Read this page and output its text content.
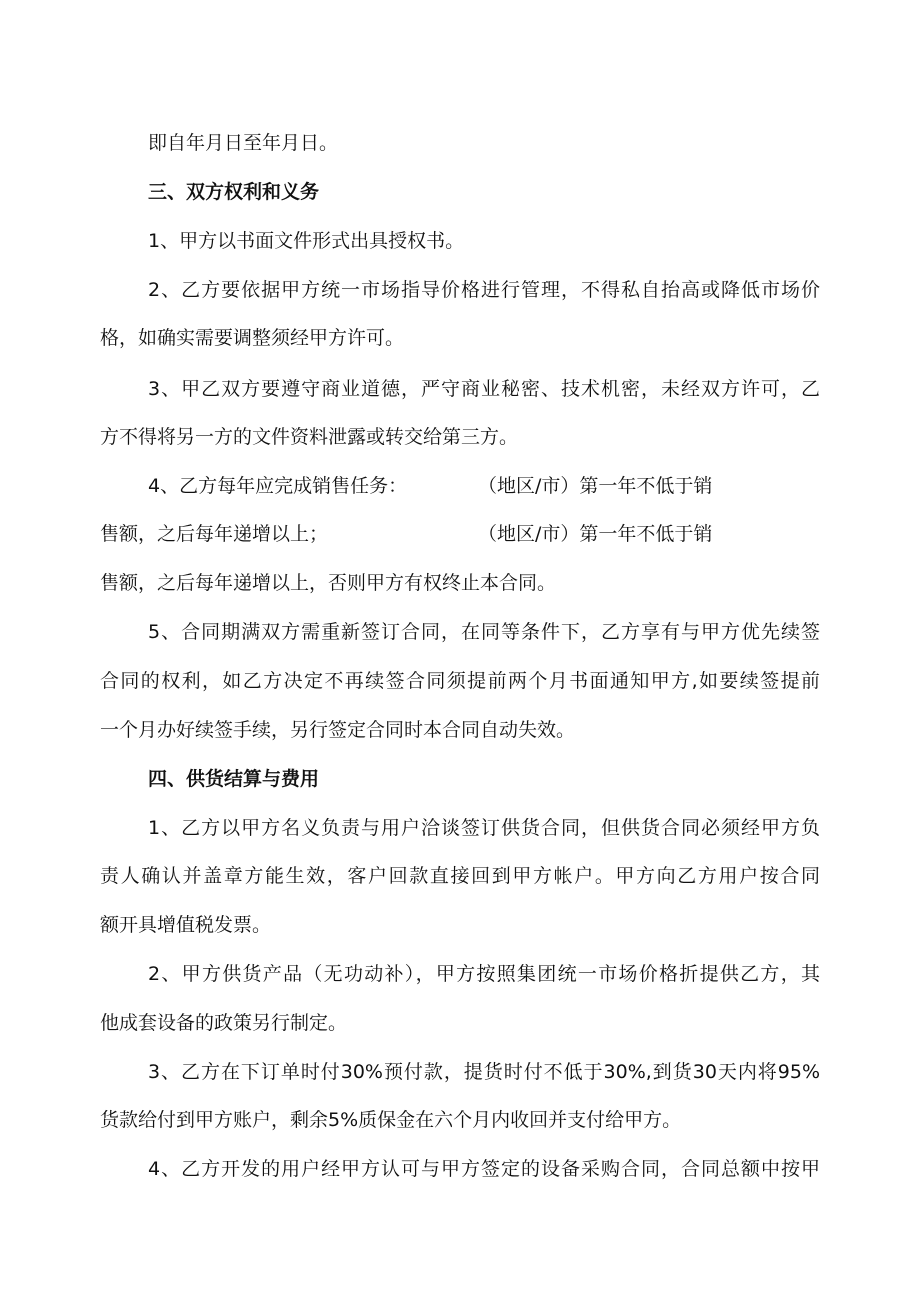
即自年月日至年月日。
三、双方权利和义务
1、甲方以书面文件形式出具授权书。
2、乙方要依据甲方统一市场指导价格进行管理，不得私自抬高或降低市场价
格，如确实需要调整须经甲方许可。
3、甲乙双方要遵守商业道德，严守商业秘密、技术机密，未经双方许可，乙
方不得将另一方的文件资料泄露或转交给第三方。
4、乙方每年应完成销售任务：	（地区/市）第一年不低于销
售额，之后每年递增以上；	（地区/市）第一年不低于销
售额，之后每年递增以上，否则甲方有权终止本合同。
5、合同期满双方需重新签订合同，在同等条件下，乙方享有与甲方优先续签
合同的权利，如乙方决定不再续签合同须提前两个月书面通知甲方,如要续签提前
一个月办好续签手续，另行签定合同时本合同自动失效。
四、供货结算与费用
1、乙方以甲方名义负责与用户洽谈签订供货合同，但供货合同必须经甲方负
责人确认并盖章方能生效，客户回款直接回到甲方帐户。甲方向乙方用户按合同
额开具增值税发票。
2、甲方供货产品（无功动补），甲方按照集团统一市场价格折提供乙方，其
他成套设备的政策另行制定。
3、乙方在下订单时付30%预付款，提货时付不低于30%,到货30天内将95%
货款给付到甲方账户，剩余5%质保金在六个月内收回并支付给甲方。
4、乙方开发的用户经甲方认可与甲方签定的设备采购合同，合同总额中按甲
